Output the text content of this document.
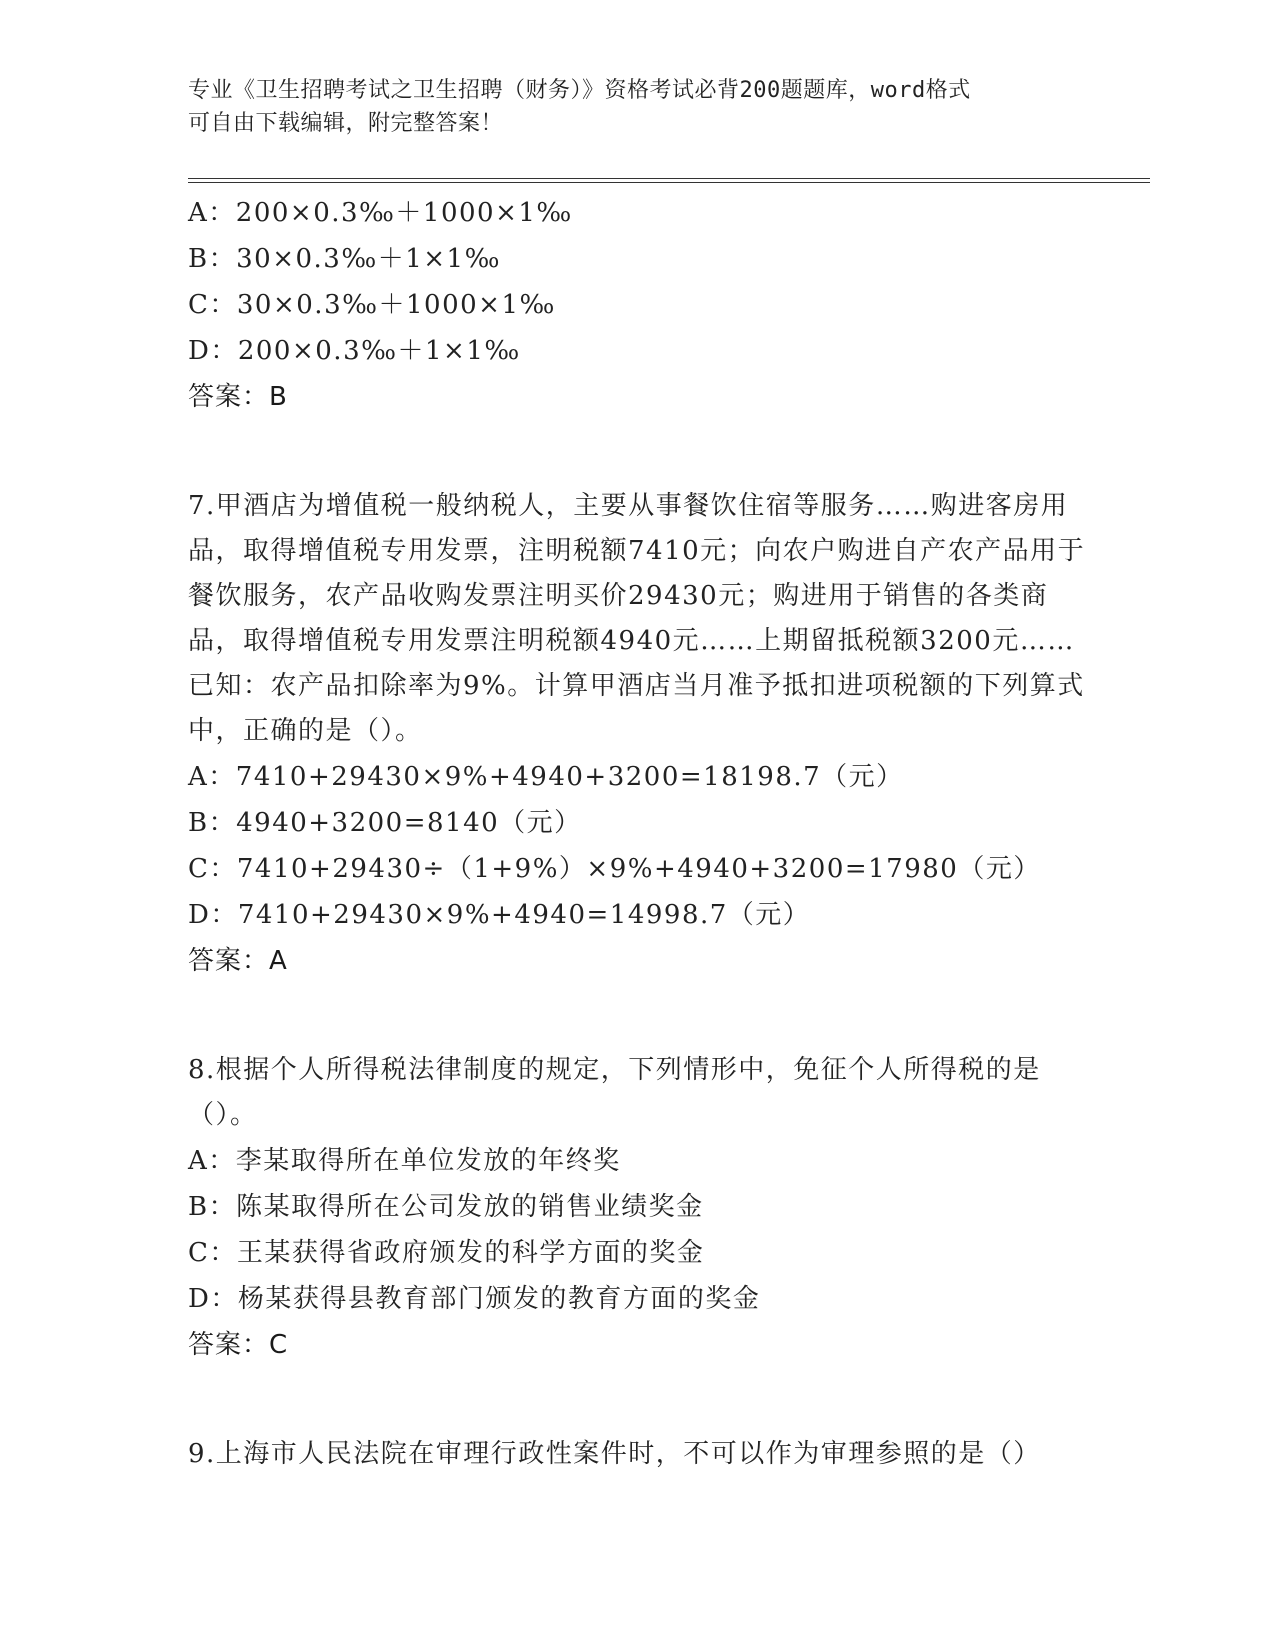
专业《卫生招聘考试之卫生招聘（财务）》资格考试必背200题题库，word格式
可自由下载编辑，附完整答案！
A：200×0.3‰＋1000×1‰
B：30×0.3‰＋1×1‰
C：30×0.3‰＋1000×1‰
D：200×0.3‰＋1×1‰
答案：B
7.甲酒店为增值税一般纳税人，主要从事餐饮住宿等服务……购进客房用品，取得增值税专用发票，注明税额7410元；向农户购进自产农产品用于餐饮服务，农产品收购发票注明买价29430元；购进用于销售的各类商品，取得增值税专用发票注明税额4940元……上期留抵税额3200元……已知：农产品扣除率为9%。计算甲酒店当月准予抵扣进项税额的下列算式中，正确的是（）。
A：7410+29430×9%+4940+3200=18198.7（元）
B：4940+3200=8140（元）
C：7410+29430÷（1+9%）×9%+4940+3200=17980（元）
D：7410+29430×9%+4940=14998.7（元）
答案：A
8.根据个人所得税法律制度的规定，下列情形中，免征个人所得税的是（）。
A：李某取得所在单位发放的年终奖
B：陈某取得所在公司发放的销售业绩奖金
C：王某获得省政府颁发的科学方面的奖金
D：杨某获得县教育部门颁发的教育方面的奖金
答案：C
9.上海市人民法院在审理行政性案件时，不可以作为审理参照的是（）
